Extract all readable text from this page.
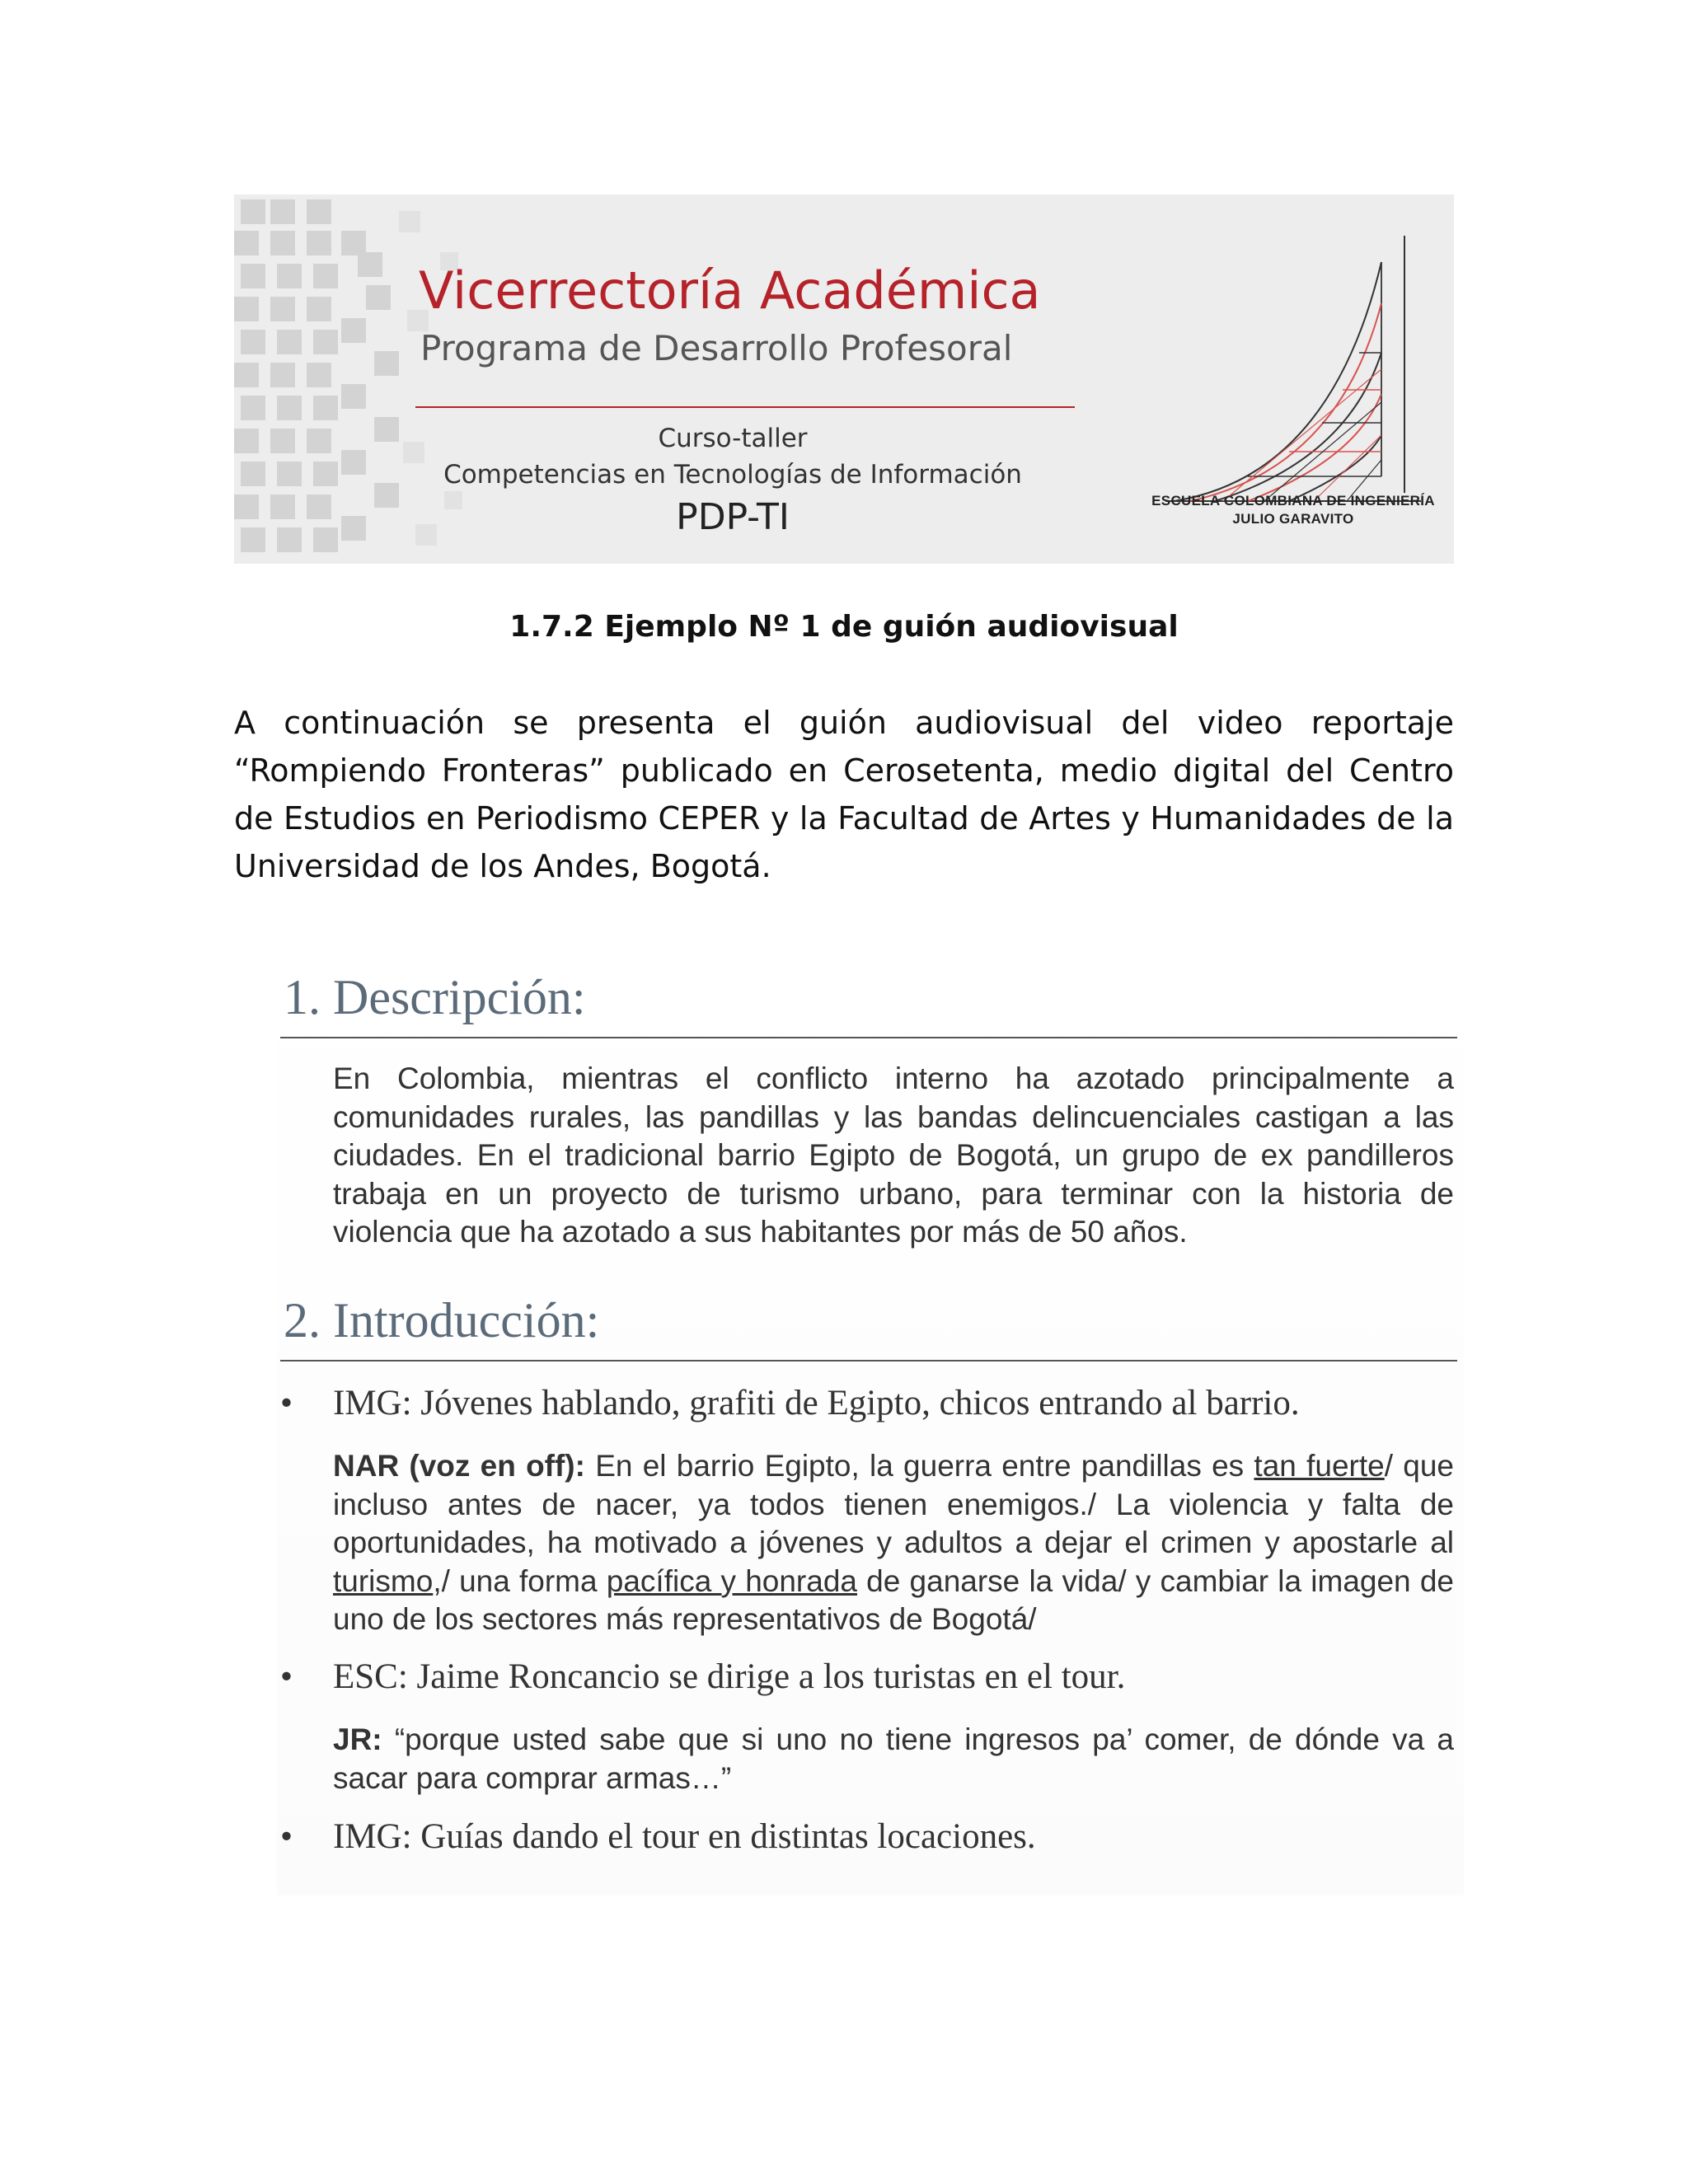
Vicerrectoría Académica
Programa de Desarrollo Profesoral
Curso-taller
Competencias en Tecnologías de Información
PDP-TI	ESCUELA COLOMBIANA DE INGENIERÍA
JULIO GARAVITO
1.7.2 Ejemplo Nº 1 de guión audiovisual
A continuación se presenta el guión audiovisual del video reportaje “Rompiendo Fronteras” publicado en Cerosetenta, medio digital del Centro de Estudios en Periodismo CEPER y la Facultad de Artes y Humanidades de la Universidad de los Andes, Bogotá.
1. Descripción:
En Colombia, mientras el conflicto interno ha azotado principalmente a comunidades rurales, las pandillas y las bandas delincuenciales castigan a las ciudades. En el tradicional barrio Egipto de Bogotá, un grupo de ex pandilleros trabaja en un proyecto de turismo urbano, para terminar con la historia de violencia que ha azotado a sus habitantes por más de 50 años.
2. Introducción:
• IMG: Jóvenes hablando, grafiti de Egipto, chicos entrando al barrio.
NAR (voz en off): En el barrio Egipto, la guerra entre pandillas es tan fuerte/ que incluso antes de nacer, ya todos tienen enemigos./ La violencia y falta de oportunidades, ha motivado a jóvenes y adultos a dejar el crimen y apostarle al turismo,/ una forma pacífica y honrada de ganarse la vida/ y cambiar la imagen de uno de los sectores más representativos de Bogotá/
• ESC: Jaime Roncancio se dirige a los turistas en el tour.
JR: “porque usted sabe que si uno no tiene ingresos pa’ comer, de dónde va a sacar para comprar armas…”
• IMG: Guías dando el tour en distintas locaciones.
